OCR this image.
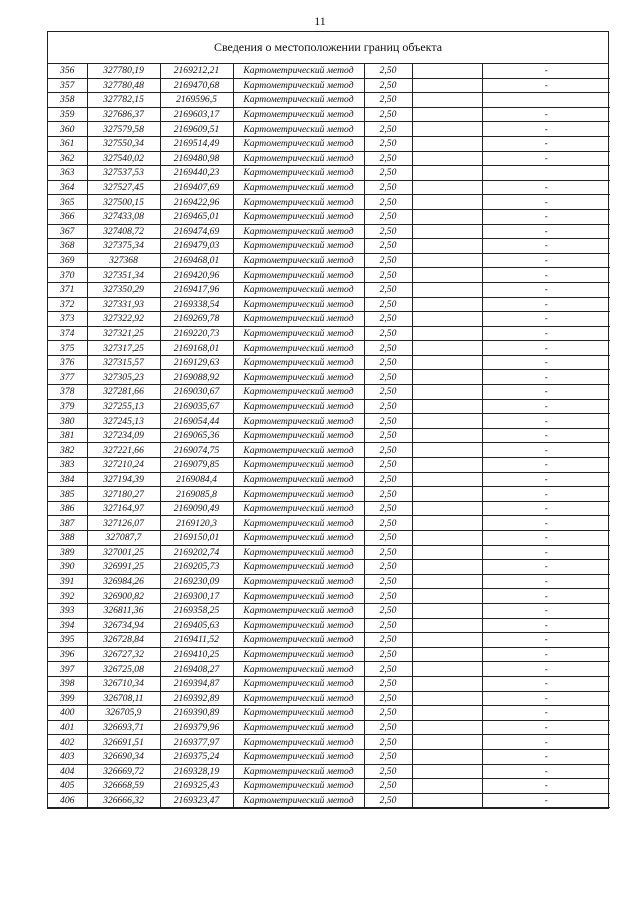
11
Сведения о местоположении границ объекта
356	327780,19	2169212,21	Картометрический метод	2,50		-
357	327780,48	2169470,68	Картометрический метод	2,50		-
358	327782,15	2169596,5	Картометрический метод	2,50		
359	327686,37	2169603,17	Картометрический метод	2,50		-
360	327579,58	2169609,51	Картометрический метод	2,50		-
361	327550,34	2169514,49	Картометрический метод	2,50		-
362	327540,02	2169480,98	Картометрический метод	2,50		-
363	327537,53	2169440,23	Картометрический метод	2,50		
364	327527,45	2169407,69	Картометрический метод	2,50		-
365	327500,15	2169422,96	Картометрический метод	2,50		-
366	327433,08	2169465,01	Картометрический метод	2,50		-
367	327408,72	2169474,69	Картометрический метод	2,50		-
368	327375,34	2169479,03	Картометрический метод	2,50		-
369	327368	2169468,01	Картометрический метод	2,50		-
370	327351,34	2169420,96	Картометрический метод	2,50		-
371	327350,29	2169417,96	Картометрический метод	2,50		-
372	327331,93	2169338,54	Картометрический метод	2,50		-
373	327322,92	2169269,78	Картометрический метод	2,50		-
374	327321,25	2169220,73	Картометрический метод	2,50		-
375	327317,25	2169168,01	Картометрический метод	2,50		-
376	327315,57	2169129,63	Картометрический метод	2,50		-
377	327305,23	2169088,92	Картометрический метод	2,50		-
378	327281,66	2169030,67	Картометрический метод	2,50		-
379	327255,13	2169035,67	Картометрический метод	2,50		-
380	327245,13	2169054,44	Картометрический метод	2,50		-
381	327234,09	2169065,36	Картометрический метод	2,50		-
382	327221,66	2169074,75	Картометрический метод	2,50		-
383	327210,24	2169079,85	Картометрический метод	2,50		-
384	327194,39	2169084,4	Картометрический метод	2,50		-
385	327180,27	2169085,8	Картометрический метод	2,50		-
386	327164,97	2169090,49	Картометрический метод	2,50		-
387	327126,07	2169120,3	Картометрический метод	2,50		-
388	327087,7	2169150,01	Картометрический метод	2,50		-
389	327001,25	2169202,74	Картометрический метод	2,50		-
390	326991,25	2169205,73	Картометрический метод	2,50		-
391	326984,26	2169230,09	Картометрический метод	2,50		-
392	326900,82	2169300,17	Картометрический метод	2,50		-
393	326811,36	2169358,25	Картометрический метод	2,50		-
394	326734,94	2169405,63	Картометрический метод	2,50		-
395	326728,84	2169411,52	Картометрический метод	2,50		-
396	326727,32	2169410,25	Картометрический метод	2,50		-
397	326725,08	2169408,27	Картометрический метод	2,50		-
398	326710,34	2169394,87	Картометрический метод	2,50		-
399	326708,11	2169392,89	Картометрический метод	2,50		-
400	326705,9	2169390,89	Картометрический метод	2,50		-
401	326693,71	2169379,96	Картометрический метод	2,50		-
402	326691,51	2169377,97	Картометрический метод	2,50		-
403	326690,34	2169375,24	Картометрический метод	2,50		-
404	326669,72	2169328,19	Картометрический метод	2,50		-
405	326668,59	2169325,43	Картометрический метод	2,50		-
406	326666,32	2169323,47	Картометрический метод	2,50		-
